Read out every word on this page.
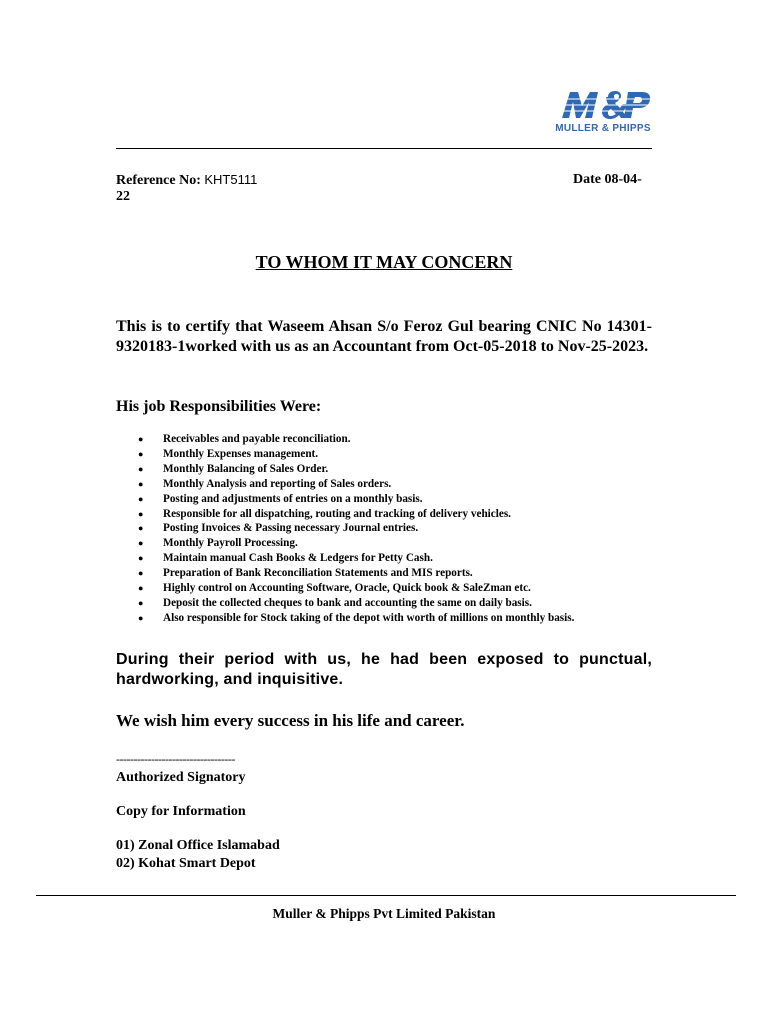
MULLER & PHIPPS
Reference No: KHT5111	Date 08-04-
22
TO WHOM IT MAY CONCERN
This is to certify that Waseem Ahsan S/o Feroz Gul bearing CNIC No 14301-9320183-1worked with us as an Accountant from Oct-05-2018 to Nov-25-2023.
His job Responsibilities Were:
● Receivables and payable reconciliation.
● Monthly Expenses management.
● Monthly Balancing of Sales Order.
● Monthly Analysis and reporting of Sales orders.
● Posting and adjustments of entries on a monthly basis.
● Responsible for all dispatching, routing and tracking of delivery vehicles.
● Posting Invoices & Passing necessary Journal entries.
● Monthly Payroll Processing.
● Maintain manual Cash Books & Ledgers for Petty Cash.
● Preparation of Bank Reconciliation Statements and MIS reports.
● Highly control on Accounting Software, Oracle, Quick book & SaleZman etc.
● Deposit the collected cheques to bank and accounting the same on daily basis.
● Also responsible for Stock taking of the depot with worth of millions on monthly basis.
During their period with us, he had been exposed to punctual, hardworking, and inquisitive.
We wish him every success in his life and career.
----------------------------------
Authorized Signatory
Copy for Information
01) Zonal Office Islamabad
02) Kohat Smart Depot
Muller & Phipps Pvt Limited Pakistan
